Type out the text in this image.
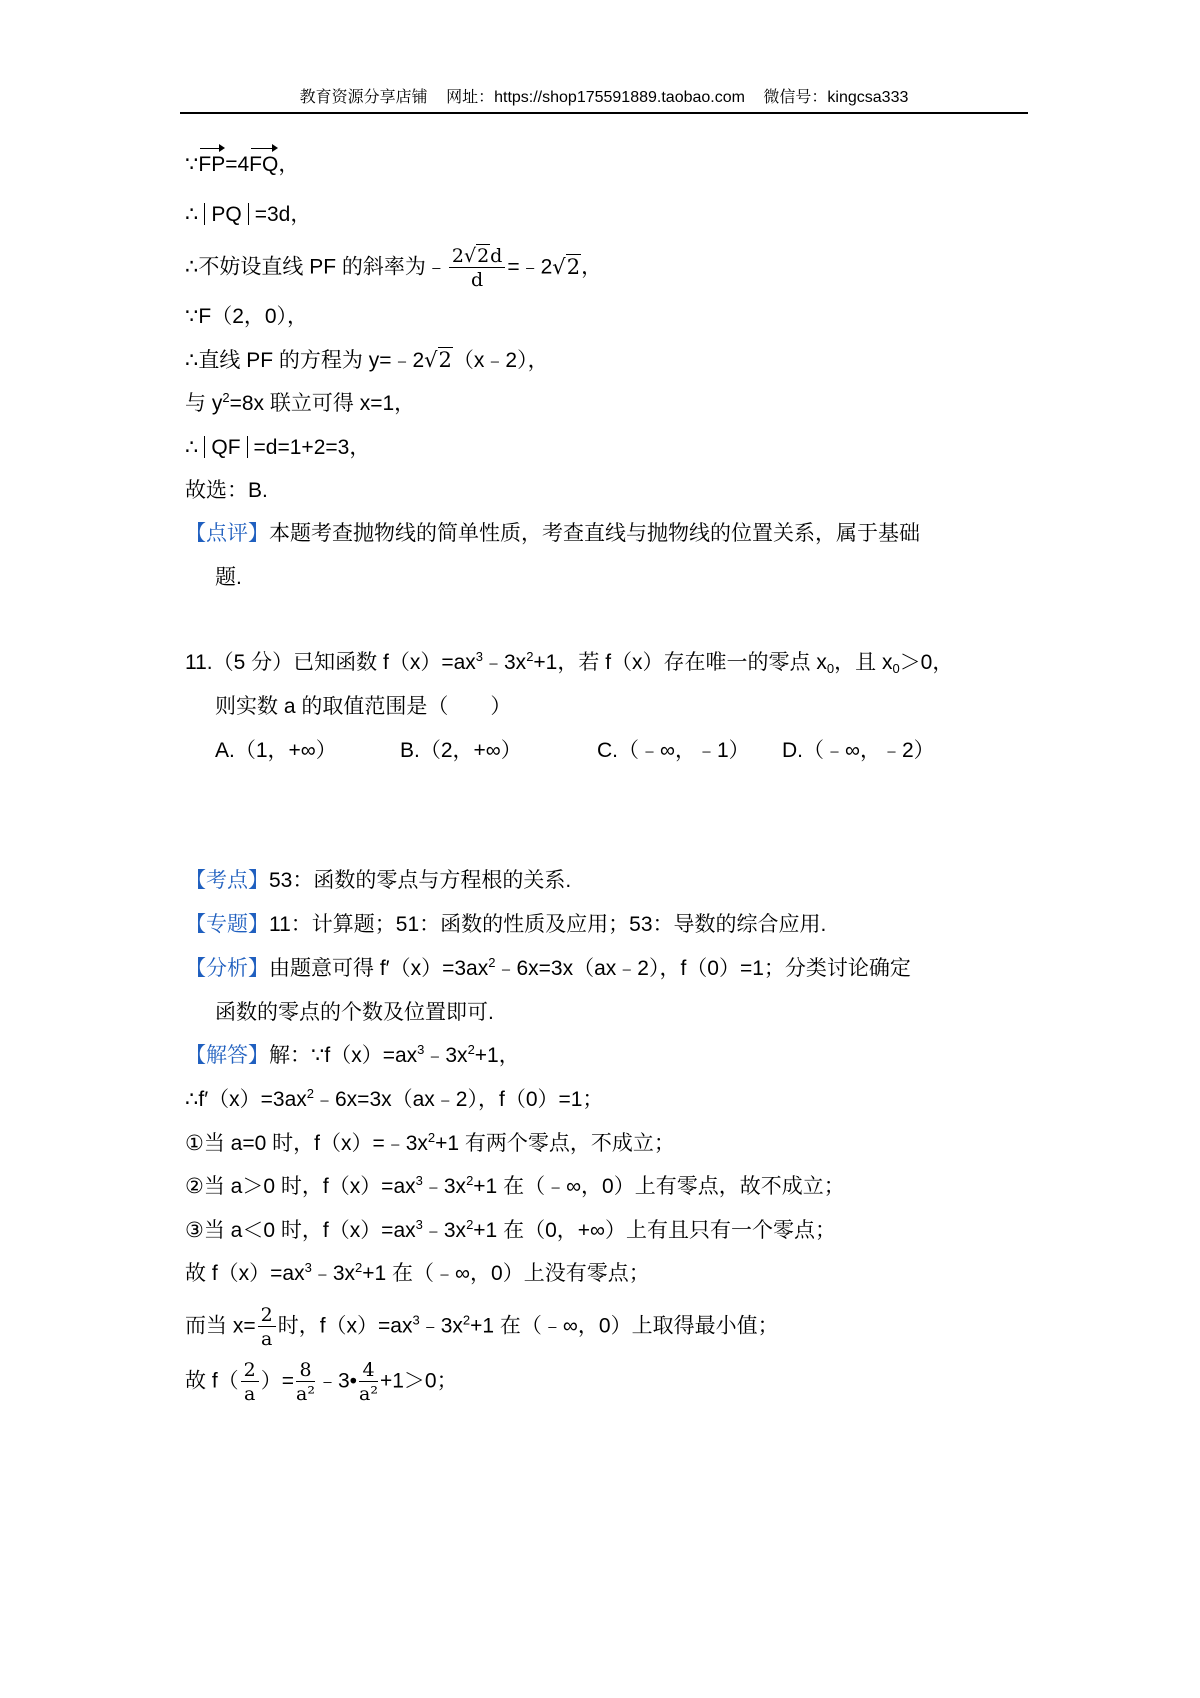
教育资源分享店铺 网址：https://shop175591889.taobao.com 微信号：kingcsa333
∵FP=4FQ，
∴ PQ =3d，
∴不妨设直线 PF 的斜率为﹣ $\frac{2√2d}{d}$ =﹣2√2，
∵F（2，0），
∴直线 PF 的方程为 y=﹣2√2（x﹣2），
与 $y^2=8x$ 联立可得 x=1，
∴ QF =d=1+2=3，
故选：B.
【点评】本题考查抛物线的简单性质，考查直线与抛物线的位置关系，属于基础
题.
11.（5 分）已知函数 $f(x)=ax^3﹣3x^2+1$，若 f（x）存在唯一的零点 $x_0$，且 $x_0>0$，
则实数 a 的取值范围是（　　）
A.（1，+∞）	B.（2，+∞）	C.（﹣∞，﹣1） D.（﹣∞，﹣2）
【考点】53：函数的零点与方程根的关系.
【专题】11：计算题；51：函数的性质及应用；53：导数的综合应用.
【分析】由题意可得 $f'(x)=3ax^2﹣6x=3x(ax﹣2)$，f（0）=1；分类讨论确定
函数的零点的个数及位置即可.
【解答】解：$\because f(x)=ax^3﹣3x^2+1$，
$\therefore f'(x)=3ax^2﹣6x=3x(ax﹣2)$，f（0）=1；
①当 a=0 时，$f(x)=﹣3x^2+1$ 有两个零点，不成立；
②当 a＞0 时，$f(x)=ax^3﹣3x^2+1$ 在（﹣∞，0）上有零点，故不成立；
③当 a＜0 时，$f(x)=ax^3﹣3x^2+1$ 在（0，+∞）上有且只有一个零点；
故 $f(x)=ax^3﹣3x^2+1$ 在（﹣∞，0）上没有零点；
而当 $x= \frac{2}{a}$ 时，$f(x)=ax^3﹣3x^2+1$ 在（﹣∞，0）上取得最小值；
故 $f( \frac{2}{a}$ ）= $\frac{8}{\text{a²}}$ ﹣3• $\frac{4}{\text{a²}} +1>0$；
